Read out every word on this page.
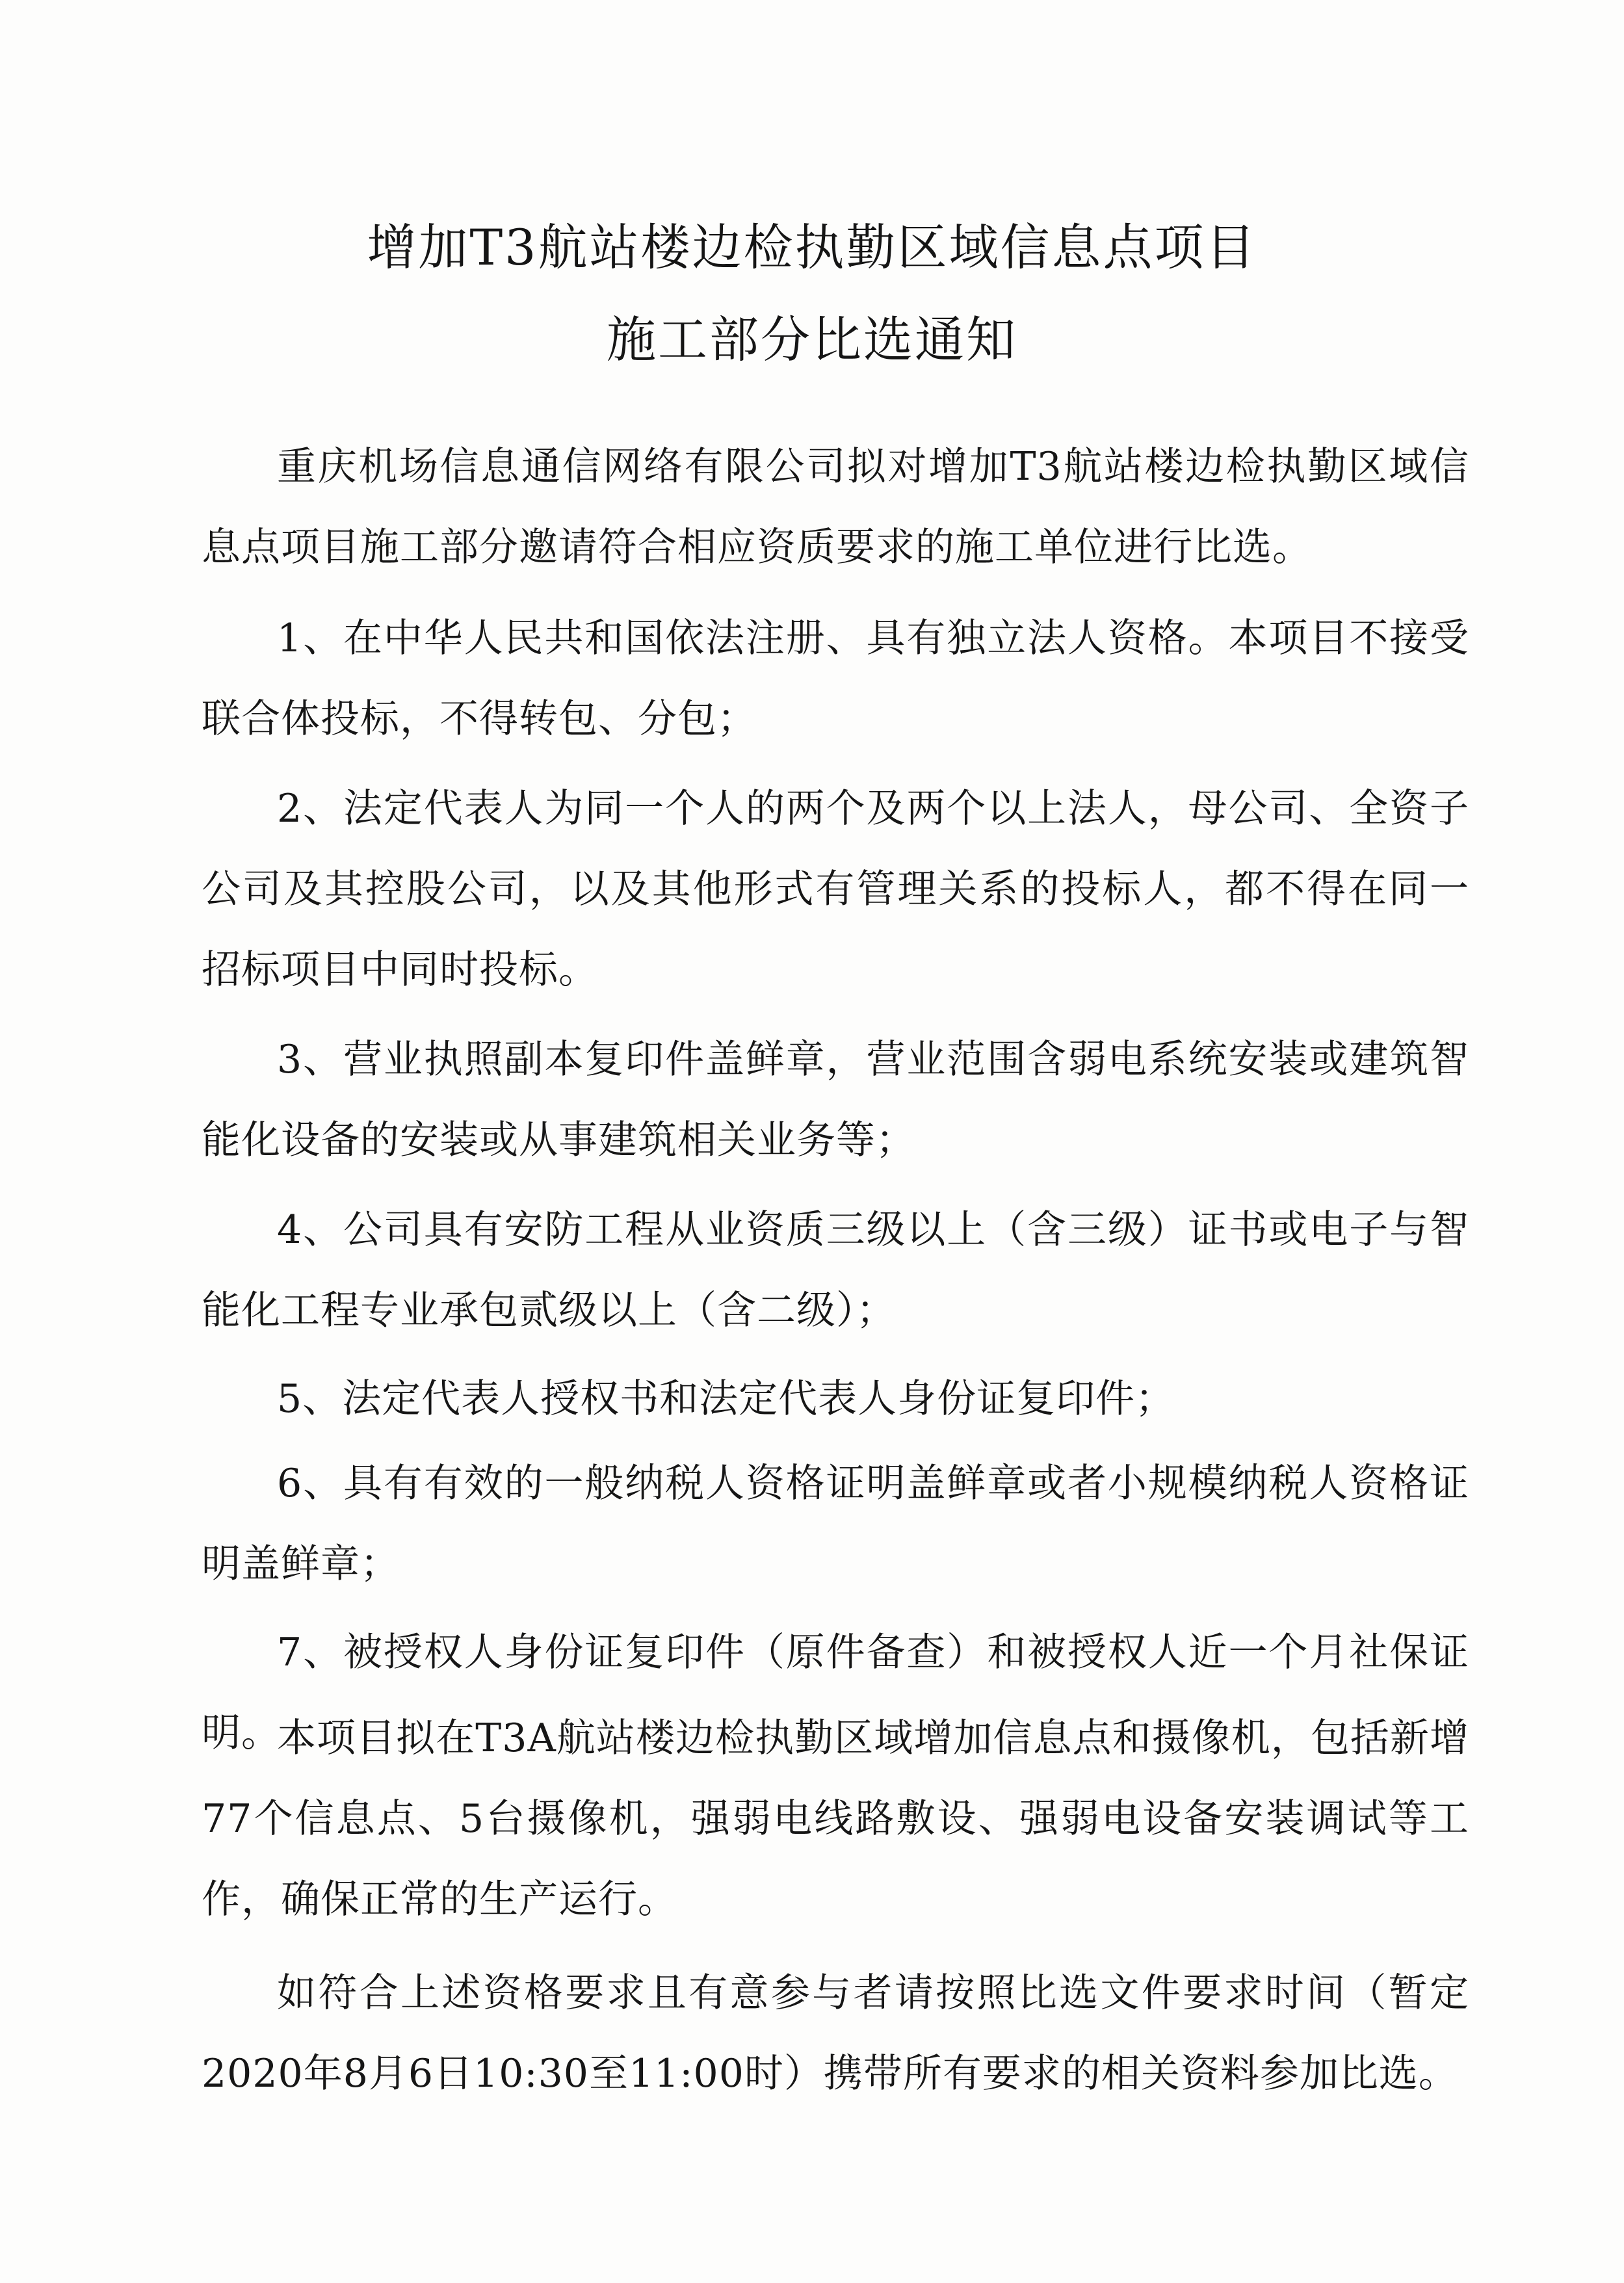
增加T3航站楼边检执勤区域信息点项目
施工部分比选通知

重庆机场信息通信网络有限公司拟对增加T3航站楼边检执勤区域信息点项目施工部分邀请符合相应资质要求的施工单位进行比选。

1、在中华人民共和国依法注册、具有独立法人资格。本项目不接受联合体投标，不得转包、分包；

2、法定代表人为同一个人的两个及两个以上法人，母公司、全资子公司及其控股公司，以及其他形式有管理关系的投标人，都不得在同一招标项目中同时投标。

3、营业执照副本复印件盖鲜章，营业范围含弱电系统安装或建筑智能化设备的安装或从事建筑相关业务等；

4、公司具有安防工程从业资质三级以上（含三级）证书或电子与智能化工程专业承包贰级以上（含二级）；

5、法定代表人授权书和法定代表人身份证复印件；

6、具有有效的一般纳税人资格证明盖鲜章或者小规模纳税人资格证明盖鲜章；

7、被授权人身份证复印件（原件备查）和被授权人近一个月社保证明。

本项目拟在T3A航站楼边检执勤区域增加信息点和摄像机，包括新增77个信息点、5台摄像机，强弱电线路敷设、强弱电设备安装调试等工作，确保正常的生产运行。

如符合上述资格要求且有意参与者请按照比选文件要求时间（暂定2020年8月6日10:30至11:00时）携带所有要求的相关资料参加比选。
